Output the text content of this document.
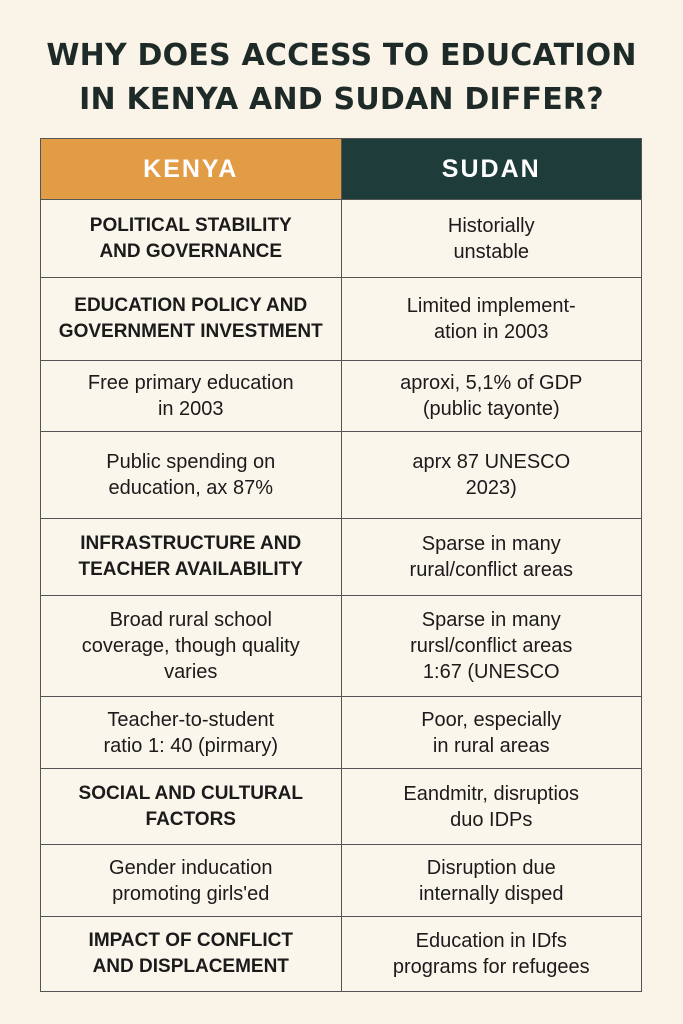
WHY DOES ACCESS TO EDUCATION
IN KENYA AND SUDAN DIFFER?
KENYA	SUDAN
POLITICAL STABILITY
AND GOVERNANCE
Historially
unstable
EDUCATION POLICY AND
GOVERNMENT INVESTMENT
Limited implement-
ation in 2003
Free primary education
in 2003
aproxi, 5,1% of GDP
(public tayonte)
Public spending on
education, ax 87%
aprx 87 UNESCO
2023)
INFRASTRUCTURE AND
TEACHER AVAILABILITY
Sparse in many
rural/conflict areas
Broad rural school
coverage, though quality
varies
Sparse in many
rursl/conflict areas
1:67 (UNESCO
Teacher-to-student
ratio 1: 40 (pirmary)
Poor, especially
in rural areas
SOCIAL AND CULTURAL
FACTORS
Eandmitr, disruptios
duo IDPs
Gender inducation
promoting girls'ed
Disruption due
internally disped
IMPACT OF CONFLICT
AND DISPLACEMENT
Education in IDfs
programs for refugees
